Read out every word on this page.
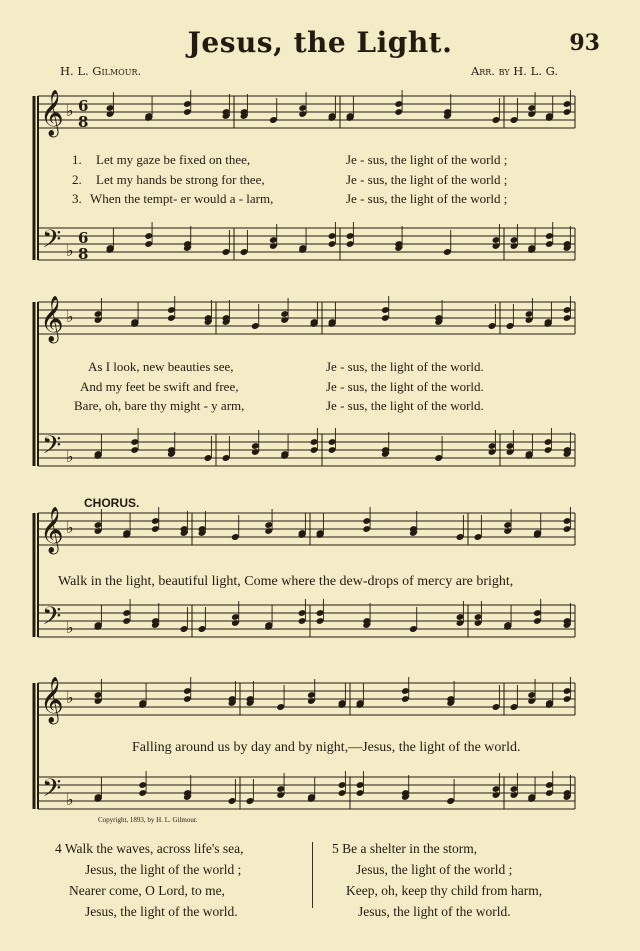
Jesus, the Light.	93
H. L. Gilmour.	Arr. by H. L. G.
𝄞
𝄢
♭
♭
6
8
6
8
𝄞
𝄢
♭
♭
𝄞
𝄢
♭
♭
𝄞
𝄢
♭
♭
1. Let my gaze be fixed on thee,	Je - sus, the light of the world ;
2. Let my hands be strong for thee,	Je - sus, the light of the world ;
3. When the tempt- er would a - larm,	Je - sus, the light of the world ;
As I look, new beauties see,	Je - sus, the light of the world.
And my feet be swift and free,	Je - sus, the light of the world.
Bare, oh, bare thy might - y arm,	Je - sus, the light of the world.
CHORUS.
Walk in the light, beautiful light, Come where the dew-drops of mercy are bright,
Falling around us by day and by night,—Jesus, the light of the world.
Copyright, 1893, by H. L. Gilmour.
4 Walk the waves, across life's sea,
Jesus, the light of the world ;
Nearer come, O Lord, to me,
Jesus, the light of the world.
5 Be a shelter in the storm,
Jesus, the light of the world ;
Keep, oh, keep thy child from harm,
Jesus, the light of the world.
